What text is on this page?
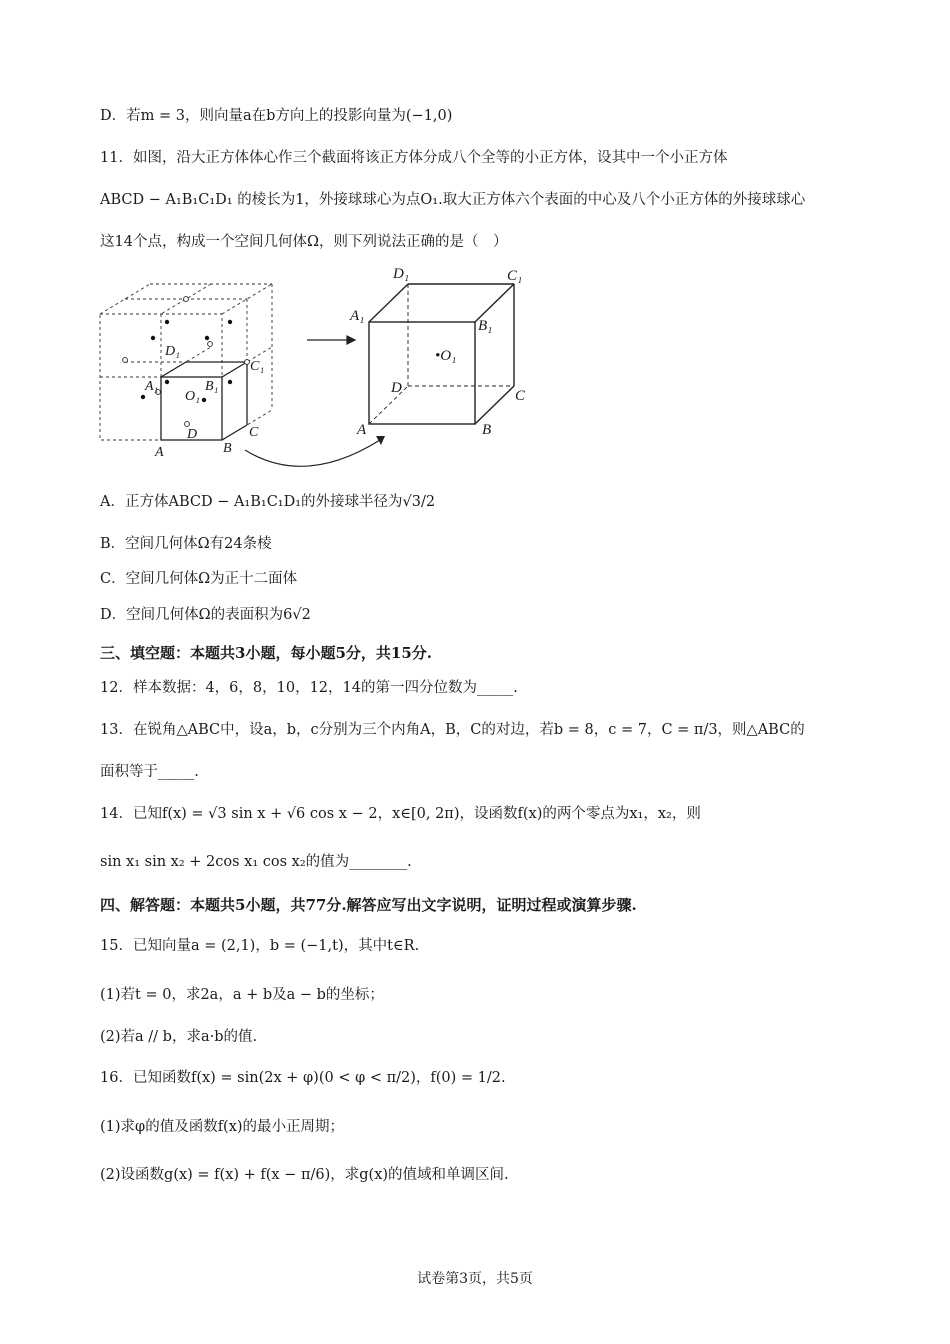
D．若m = 3，则向量a在b方向上的投影向量为(−1,0)
11．如图，沿大正方体体心作三个截面将该正方体分成八个全等的小正方体，设其中一个小正方体
ABCD − A₁B₁C₁D₁ 的棱长为1，外接球球心为点O₁.取大正方体六个表面的中心及八个小正方体的外接球球心
这14个点，构成一个空间几何体Ω，则下列说法正确的是（　）
D₁
C₁
A₁	B₁
O₁
D	C
A	B
D₁	C₁
A₁
B₁
•O₁
D	C
A	B
A．正方体ABCD − A₁B₁C₁D₁的外接球半径为√3/2
B．空间几何体Ω有24条棱
C．空间几何体Ω为正十二面体
D．空间几何体Ω的表面积为6√2
三、填空题：本题共3小题，每小题5分，共15分.
12．样本数据：4，6，8，10，12，14的第一四分位数为_____.
13．在锐角△ABC中，设a，b，c分别为三个内角A，B，C的对边，若b = 8，c = 7，C = π/3，则△ABC的
面积等于_____.
14．已知f(x) = √3 sin x + √6 cos x − 2，x∈[0, 2π)，设函数f(x)的两个零点为x₁，x₂，则
sin x₁ sin x₂ + 2cos x₁ cos x₂的值为________.
四、解答题：本题共5小题，共77分.解答应写出文字说明，证明过程或演算步骤.
15．已知向量a = (2,1)，b = (−1,t)，其中t∈R.
(1)若t = 0，求2a，a + b及a − b的坐标；
(2)若a // b，求a·b的值.
16．已知函数f(x) = sin(2x + φ)(0 < φ < π/2)，f(0) = 1/2.
(1)求φ的值及函数f(x)的最小正周期；
(2)设函数g(x) = f(x) + f(x − π/6)，求g(x)的值域和单调区间.
试卷第3页，共5页
